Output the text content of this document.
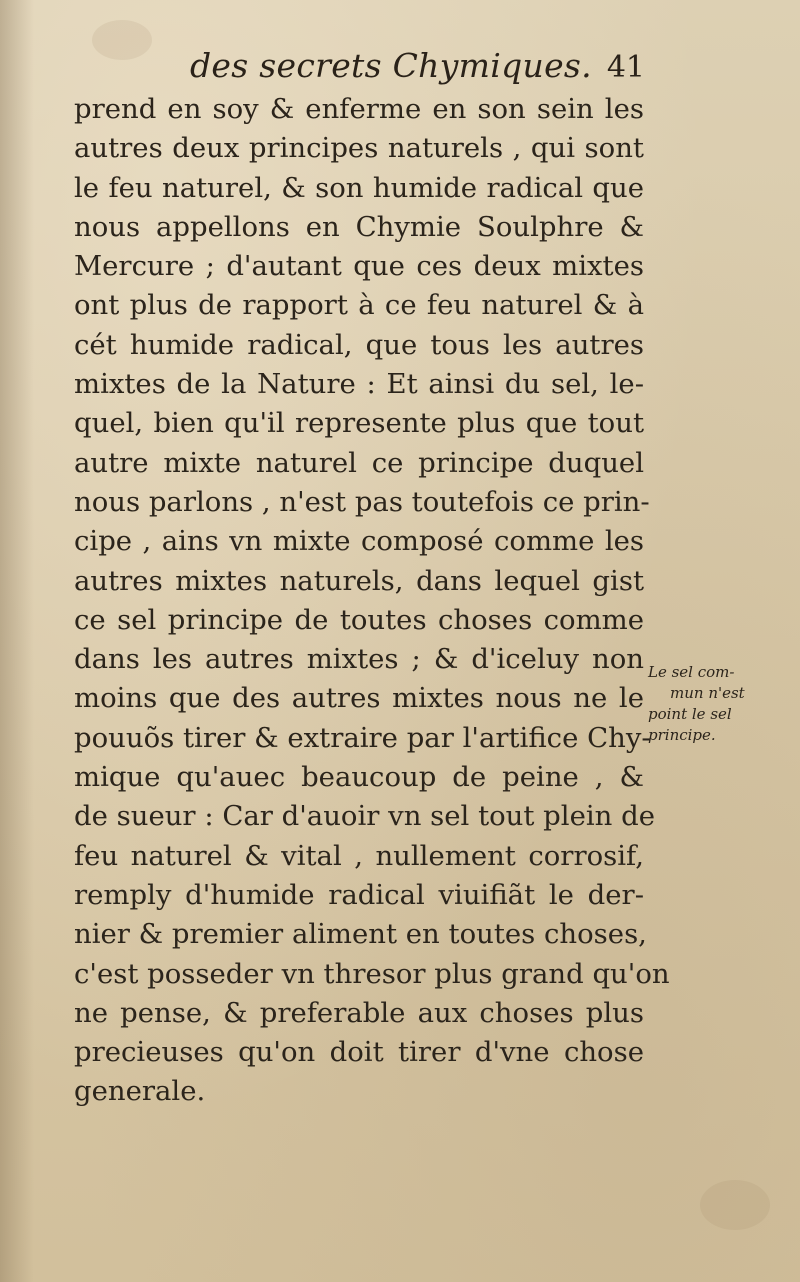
des secrets Chymiques. 41
prend en soy & enferme en son sein les
autres deux principes naturels , qui sont
le feu naturel, & son humide radical que
nous appellons en Chymie Soulphre &
Mercure ; d'autant que ces deux mixtes
ont plus de rapport à ce feu naturel & à
cét humide radical, que tous les autres
mixtes de la Nature : Et ainsi du sel, le-
quel, bien qu'il represente plus que tout
autre mixte naturel ce principe duquel
nous parlons , n'est pas toutefois ce prin-
cipe , ains vn mixte composé comme les
autres mixtes naturels, dans lequel gist
ce sel principe de toutes choses comme
dans les autres mixtes ; & d'iceluy non
moins que des autres mixtes nous ne le
pouuõs tirer & extraire par l'artifice Chy-
mique qu'auec beaucoup de peine , &
de sueur : Car d'auoir vn sel tout plein de
feu naturel & vital , nullement corrosif,
remply d'humide radical viuifiãt le der-
nier & premier aliment en toutes choses,
c'est posseder vn thresor plus grand qu'on
ne pense, & preferable aux choses plus
precieuses qu'on doit tirer d'vne chose
generale.
Le sel com-
mun n'est
point le sel
principe.
